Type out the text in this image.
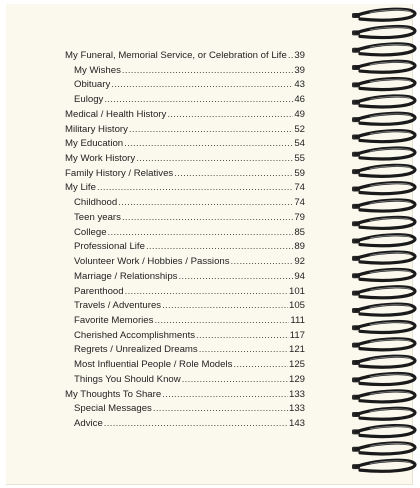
My Funeral, Memorial Service, or Celebration of Life ..... 39
My Wishes .....	39
Obituary .....	43
Eulogy .....	46
Medical / Health History .....	49
Military History .....	52
My Education .....	54
My Work History .....	55
Family History / Relatives .....	59
My Life .....	74
Childhood .....	74
Teen years .....	79
College .....	85
Professional Life .....	89
Volunteer Work / Hobbies / Passions .....	92
Marriage / Relationships .....	94
Parenthood .....	101
Travels / Adventures .....	105
Favorite Memories .....	111
Cherished Accomplishments .....	117
Regrets / Unrealized Dreams .....	121
Most Influential People / Role Models .....	125
Things You Should Know .....	129
My Thoughts To Share .....	133
Special Messages .....	133
Advice .....	143
